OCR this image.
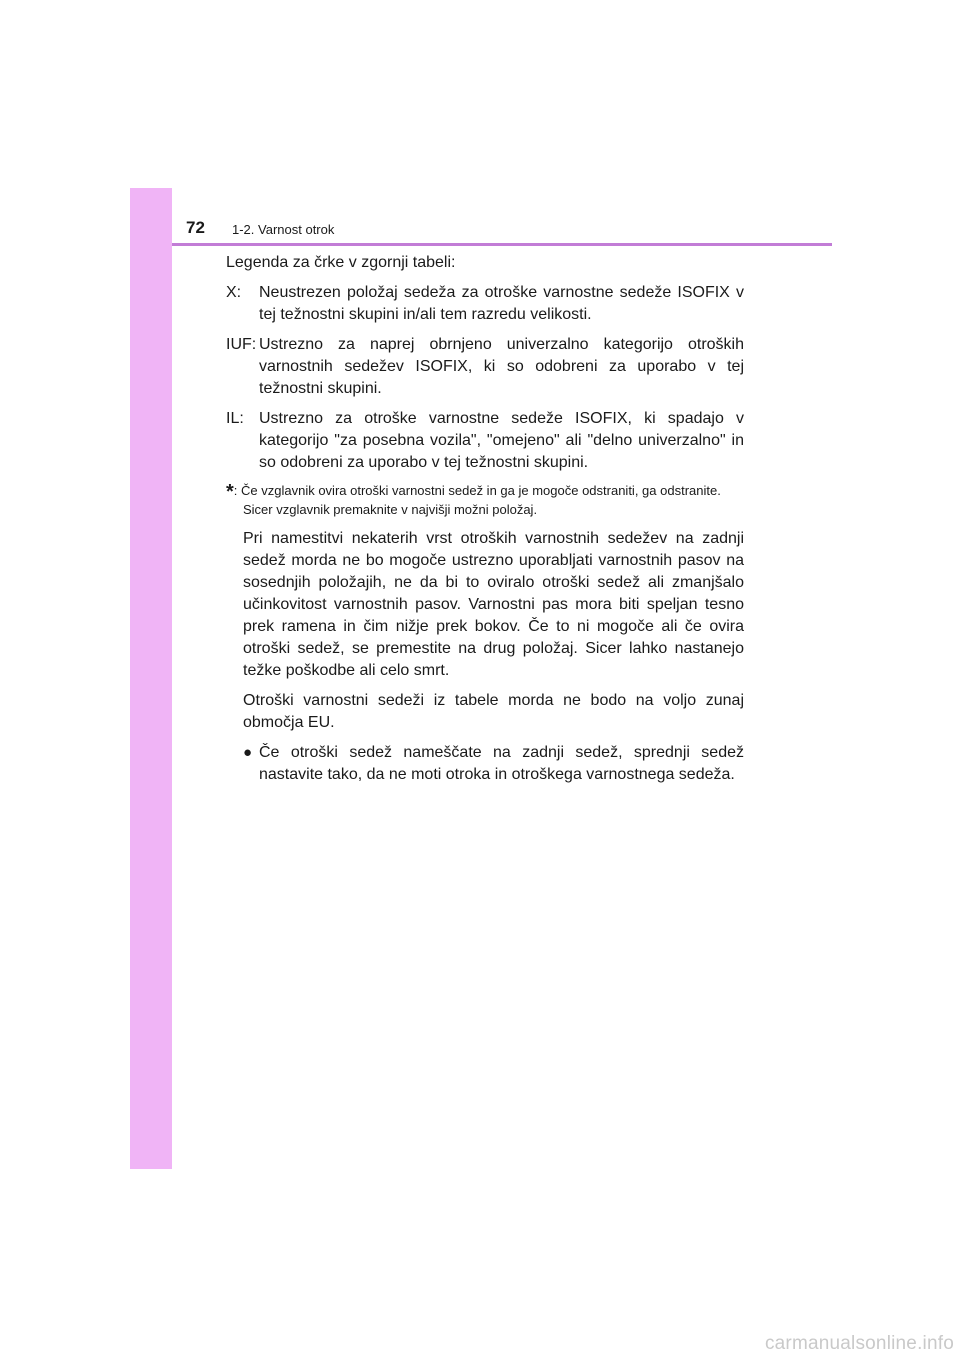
72 1-2. Varnost otrok

Legenda za črke v zgornji tabeli:

X:	Neustrezen položaj sedeža za otroške varnostne sedeže ISOFIX v tej težnostni skupini in/ali tem razredu velikosti.
IUF: Ustrezno za naprej obrnjeno univerzalno kategorijo otroških varnostnih sedežev ISOFIX, ki so odobreni za uporabo v tej težnostni skupini.
IL: Ustrezno za otroške varnostne sedeže ISOFIX, ki spadajo v kategorijo "za posebna vozila", "omejeno" ali "delno univerzalno" in so odobreni za uporabo v tej težnostni skupini.
*: Če vzglavnik ovira otroški varnostni sedež in ga je mogoče odstraniti, ga odstranite.
Sicer vzglavnik premaknite v najvišji možni položaj.

Pri namestitvi nekaterih vrst otroških varnostnih sedežev na zadnji sedež morda ne bo mogoče ustrezno uporabljati varnostnih pasov na sosednjih položajih, ne da bi to oviralo otroški sedež ali zmanjšalo učinkovitost varnostnih pasov. Varnostni pas mora biti speljan tesno prek ramena in čim nižje prek bokov. Če to ni mogoče ali če ovira otroški sedež, se premestite na drug položaj. Sicer lahko nastanejo težke poškodbe ali celo smrt.

Otroški varnostni sedeži iz tabele morda ne bodo na voljo zunaj območja EU.

● Če otroški sedež nameščate na zadnji sedež, sprednji sedež nastavite tako, da ne moti otroka in otroškega varnostnega sedeža.
carmanualsonline.info
